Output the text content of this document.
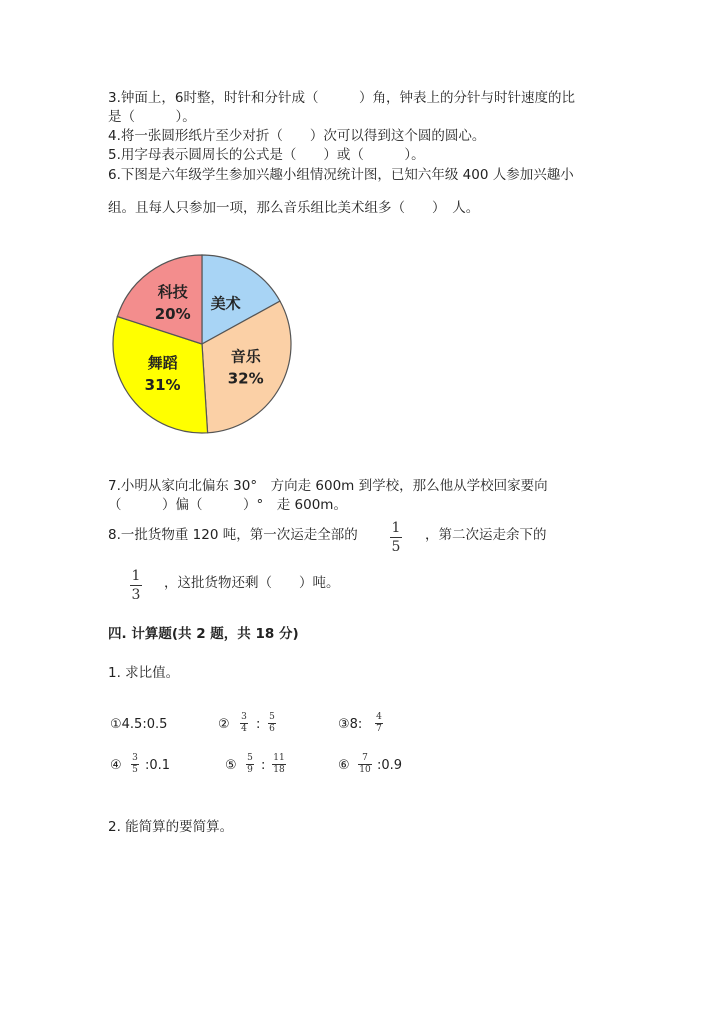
3.钟面上，6时整，时针和分针成（　　　）角，钟表上的分针与时针速度的比
是（　　　）。
4.将一张圆形纸片至少对折（　　）次可以得到这个圆的圆心。
5.用字母表示圆周长的公式是（　　）或（　　　）。
6.下图是六年级学生参加兴趣小组情况统计图，已知六年级 400 人参加兴趣小
组。且每人只参加一项，那么音乐组比美术组多（　　）　人。
美术
音乐
32%
舞蹈
31%
科技
20%
7.小明从家向北偏东 30°　方向走 600m 到学校，那么他从学校回家要向
（　　　）偏（　　　）°　走 600m。
8.一批货物重 120 吨，第一次运走全部的 1
5
，第二次运走余下的
1
3
，这批货物还剩（　　）吨。
四. 计算题(共 2 题，共 18 分)
1. 求比值。
①4.5:0.5	② 3
4 : 5
6	③8: 4
7
④ 3
5 :0.1	⑤ 5
9 : 11
18	⑥ 7
10 :0.9
2. 能简算的要简算。
